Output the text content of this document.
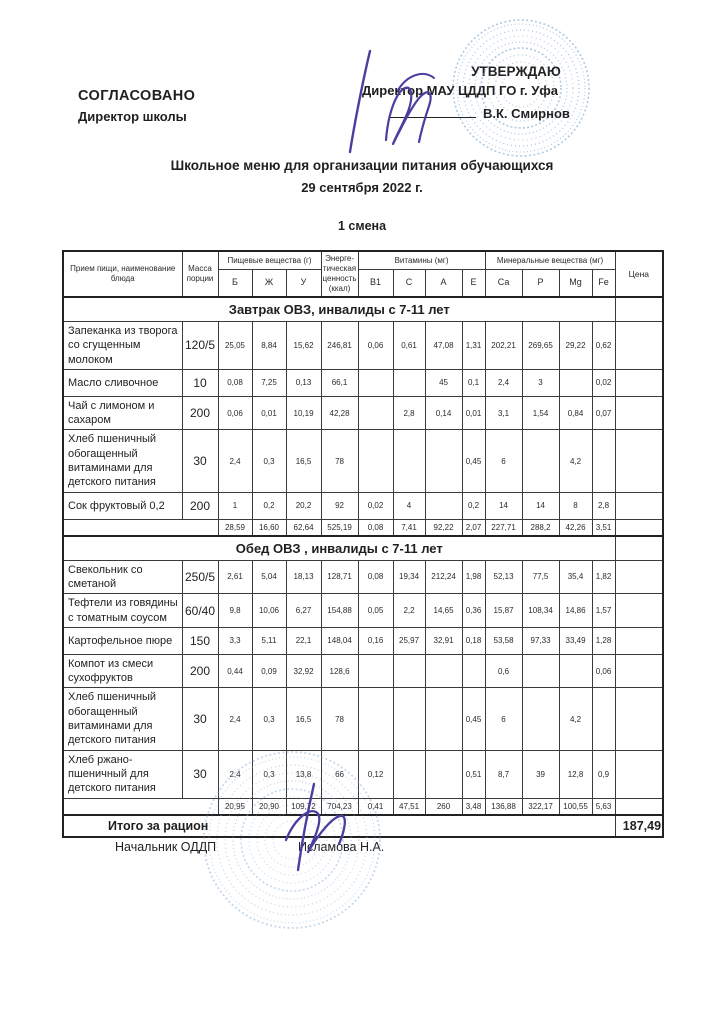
СОГЛАСОВАНО
Директор школы
УТВЕРЖДАЮ
Директор МАУ ЦДДП ГО г. Уфа
В.К. Смирнов
Школьное меню для организации питания обучающихся
29 сентября 2022 г.
1 смена
Прием пищи, наименование блюда	Масса порции	Пищевые вещества (г)			Энерге-тическая ценность (ккал)	Витамины (мг)				Минеральные вещества (мг)				Цена
		Б	Ж	У		В1	С	А	Е	Са	Р	Mg	Fe	
Завтрак ОВЗ, инвалиды с 7-11 лет														
Запеканка из творога со сгущенным молоком	120/5	25,05	8,84	15,62	246,81	0,06	0,61	47,08	1,31	202,21	269,65	29,22	0,62	
Масло сливочное	10	0,08	7,25	0,13	66,1			45	0,1	2,4	3		0,02	
Чай с лимоном и сахаром	200	0,06	0,01	10,19	42,28		2,8	0,14	0,01	3,1	1,54	0,84	0,07	
Хлеб пшеничный обогащенный витаминами для детского питания	30	2,4	0,3	16,5	78				0,45	6		4,2		
Сок фруктовый 0,2	200	1	0,2	20,2	92	0,02	4		0,2	14	14	8	2,8	
		28,59	16,60	62,64	525,19	0,08	7,41	92,22	2,07	227,71	288,2	42,26	3,51	
Обед ОВЗ , инвалиды с 7-11 лет														
Свекольник со сметаной	250/5	2,61	5,04	18,13	128,71	0,08	19,34	212,24	1,98	52,13	77,5	35,4	1,82	
Тефтели из говядины с томатным соусом	60/40	9,8	10,06	6,27	154,88	0,05	2,2	14,65	0,36	15,87	108,34	14,86	1,57	
Картофельное пюре	150	3,3	5,11	22,1	148,04	0,16	25,97	32,91	0,18	53,58	97,33	33,49	1,28	
Компот из смеси сухофруктов	200	0,44	0,09	32,92	128,6					0,6			0,06	
Хлеб пшеничный обогащенный витаминами для детского питания	30	2,4	0,3	16,5	78				0,45	6		4,2		
Хлеб ржано-пшеничный для детского питания	30	2,4	0,3	13,8	66	0,12			0,51	8,7	39	12,8	0,9	
		20,95	20,90	109,72	704,23	0,41	47,51	260	3,48	136,88	322,17	100,55	5,63	
Итого за рацион														187,49
Начальник ОДДП	Исламова Н.А.
